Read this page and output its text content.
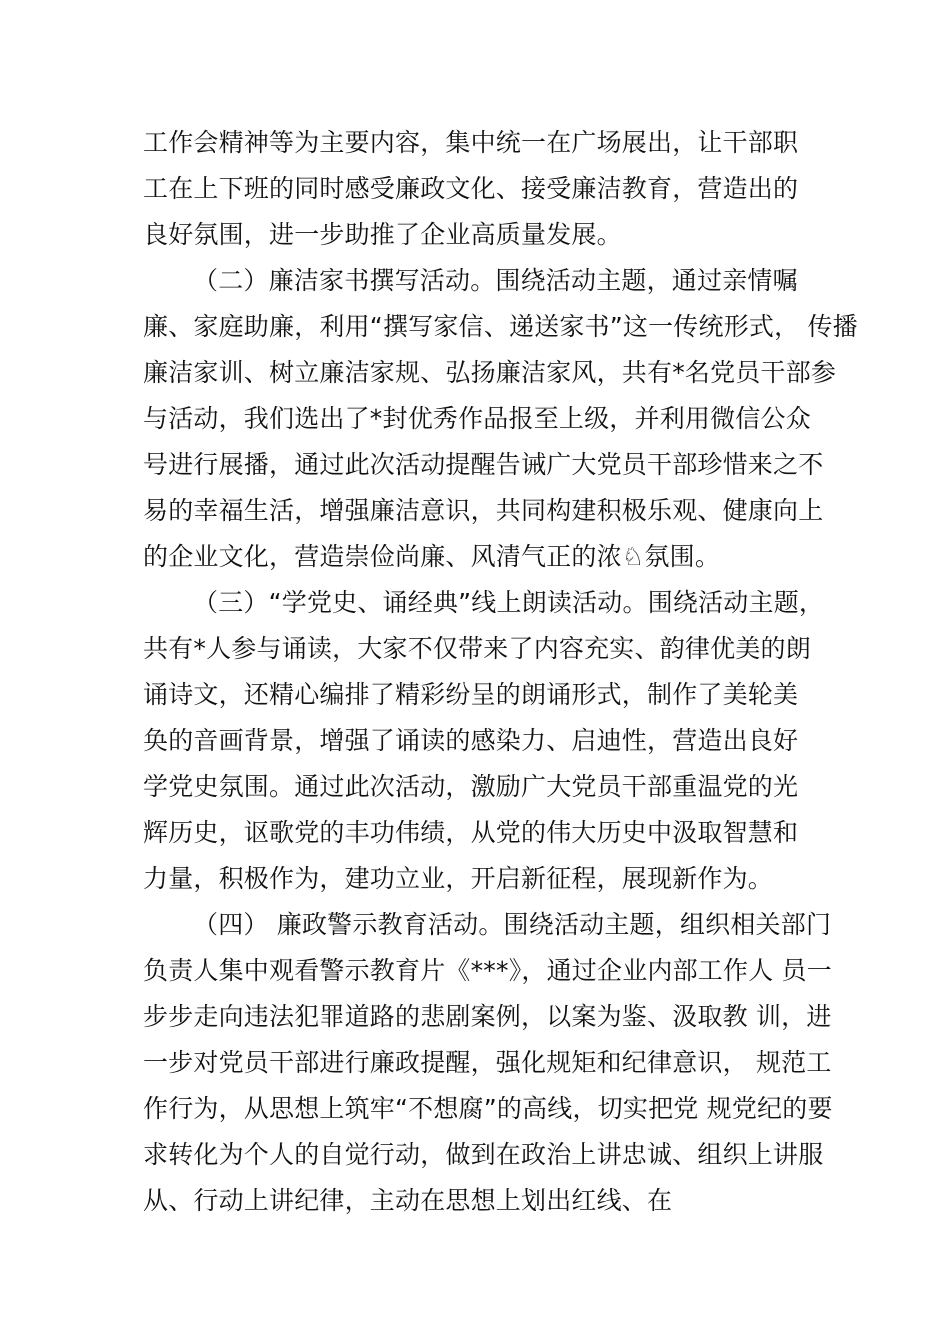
工作会精神等为主要内容，集中统一在广场展出，让干部职
工在上下班的同时感受廉政文化、接受廉洁教育，营造出的
良好氛围，进一步助推了企业高质量发展。
（二）廉洁家书撰写活动。围绕活动主题，通过亲情嘱
廉、家庭助廉，利用“撰写家信、递送家书”这一传统形式， 传播
廉洁家训、树立廉洁家规、弘扬廉洁家风，共有*名党员干部参
与活动，我们选出了*封优秀作品报至上级，并利用微信公众
号进行展播，通过此次活动提醒告诫广大党员干部珍惜来之不
易的幸福生活，增强廉洁意识，共同构建积极乐观、健康向上
的企业文化，营造崇俭尚廉、风清气正的浓♘氛围。
（三）“学党史、诵经典”线上朗读活动。围绕活动主题，
共有*人参与诵读，大家不仅带来了内容充实、韵律优美的朗
诵诗文，还精心编排了精彩纷呈的朗诵形式，制作了美轮美
奂的音画背景，增强了诵读的感染力、启迪性，营造出良好
学党史氛围。通过此次活动，激励广大党员干部重温党的光
辉历史，讴歌党的丰功伟绩，从党的伟大历史中汲取智慧和
力量，积极作为，建功立业，开启新征程，展现新作为。
（四） 廉政警示教育活动。围绕活动主题，组织相关部门
负责人集中观看警示教育片《***》，通过企业内部工作人 员一
步步走向违法犯罪道路的悲剧案例，以案为鉴、汲取教 训，进
一步对党员干部进行廉政提醒，强化规矩和纪律意识， 规范工
作行为，从思想上筑牢“不想腐”的高线，切实把党 规党纪的要
求转化为个人的自觉行动，做到在政治上讲忠诚、组织上讲服
从、行动上讲纪律，主动在思想上划出红线、在
